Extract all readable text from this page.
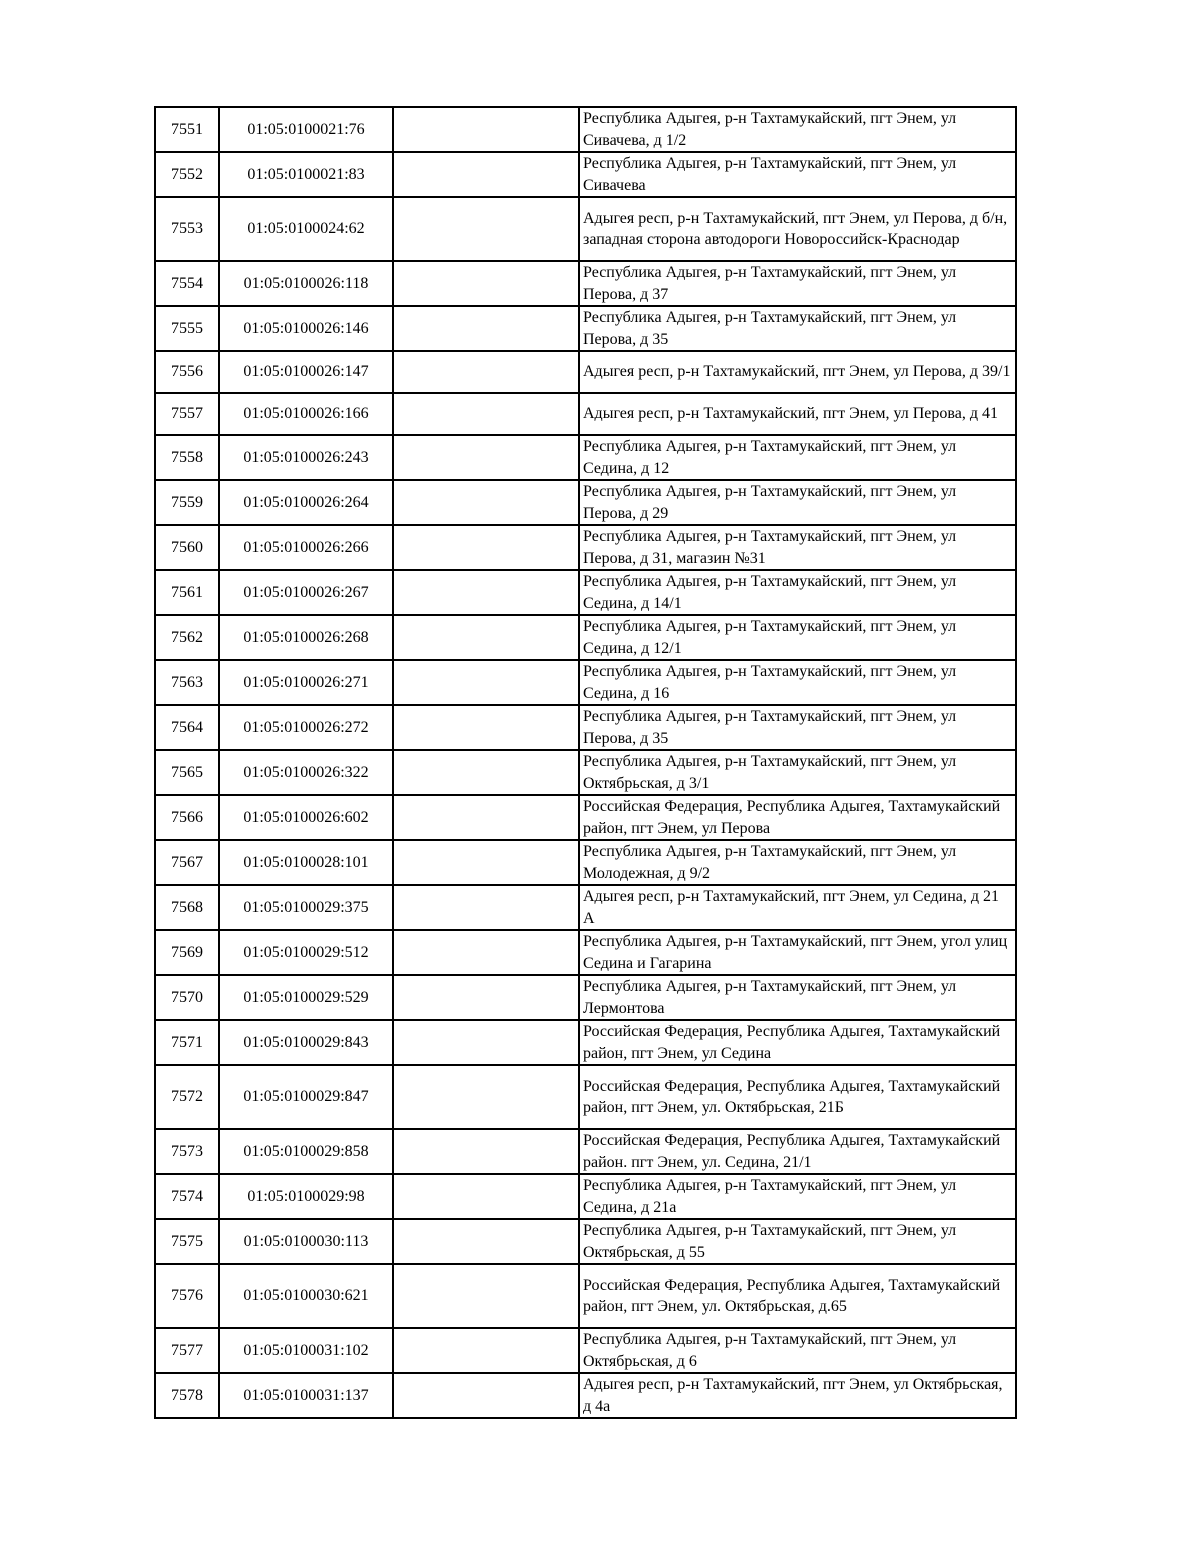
7551	01:05:0100021:76		Республика Адыгея, р-н Тахтамукайский, пгт Энем, ул Сивачева, д 1/2
7552	01:05:0100021:83		Республика Адыгея, р-н Тахтамукайский, пгт Энем, ул Сивачева
7553	01:05:0100024:62		Адыгея респ, р-н Тахтамукайский, пгт Энем, ул Перова, д б/н, западная сторона автодороги Новороссийск-Краснодар
7554	01:05:0100026:118		Республика Адыгея, р-н Тахтамукайский, пгт Энем, ул Перова, д 37
7555	01:05:0100026:146		Республика Адыгея, р-н Тахтамукайский, пгт Энем, ул Перова, д 35
7556	01:05:0100026:147		Адыгея респ, р-н Тахтамукайский, пгт Энем, ул Перова, д 39/1
7557	01:05:0100026:166		Адыгея респ, р-н Тахтамукайский, пгт Энем, ул Перова, д 41
7558	01:05:0100026:243		Республика Адыгея, р-н Тахтамукайский, пгт Энем, ул Седина, д 12
7559	01:05:0100026:264		Республика Адыгея, р-н Тахтамукайский, пгт Энем, ул Перова, д 29
7560	01:05:0100026:266		Республика Адыгея, р-н Тахтамукайский, пгт Энем, ул Перова, д 31, магазин №31
7561	01:05:0100026:267		Республика Адыгея, р-н Тахтамукайский, пгт Энем, ул Седина, д 14/1
7562	01:05:0100026:268		Республика Адыгея, р-н Тахтамукайский, пгт Энем, ул Седина, д 12/1
7563	01:05:0100026:271		Республика Адыгея, р-н Тахтамукайский, пгт Энем, ул Седина, д 16
7564	01:05:0100026:272		Республика Адыгея, р-н Тахтамукайский, пгт Энем, ул Перова, д 35
7565	01:05:0100026:322		Республика Адыгея, р-н Тахтамукайский, пгт Энем, ул Октябрьская, д 3/1
7566	01:05:0100026:602		Российская Федерация, Республика Адыгея, Тахтамукайский район, пгт Энем, ул Перова
7567	01:05:0100028:101		Республика Адыгея, р-н Тахтамукайский, пгт Энем, ул Молодежная, д 9/2
7568	01:05:0100029:375		Адыгея респ, р-н Тахтамукайский, пгт Энем, ул Седина, д 21 А
7569	01:05:0100029:512		Республика Адыгея, р-н Тахтамукайский, пгт Энем, угол улиц Седина и Гагарина
7570	01:05:0100029:529		Республика Адыгея, р-н Тахтамукайский, пгт Энем, ул Лермонтова
7571	01:05:0100029:843		Российская Федерация, Республика Адыгея, Тахтамукайский район, пгт Энем, ул Седина
7572	01:05:0100029:847		Российская Федерация, Республика Адыгея, Тахтамукайский район, пгт Энем, ул. Октябрьская, 21Б
7573	01:05:0100029:858		Российская Федерация, Республика Адыгея, Тахтамукайский район. пгт Энем, ул. Седина, 21/1
7574	01:05:0100029:98		Республика Адыгея, р-н Тахтамукайский, пгт Энем, ул Седина, д 21а
7575	01:05:0100030:113		Республика Адыгея, р-н Тахтамукайский, пгт Энем, ул Октябрьская, д 55
7576	01:05:0100030:621		Российская Федерация, Республика Адыгея, Тахтамукайский район, пгт Энем, ул. Октябрьская, д.65
7577	01:05:0100031:102		Республика Адыгея, р-н Тахтамукайский, пгт Энем, ул Октябрьская, д 6
7578	01:05:0100031:137		Адыгея респ, р-н Тахтамукайский, пгт Энем, ул Октябрьская, д 4а
